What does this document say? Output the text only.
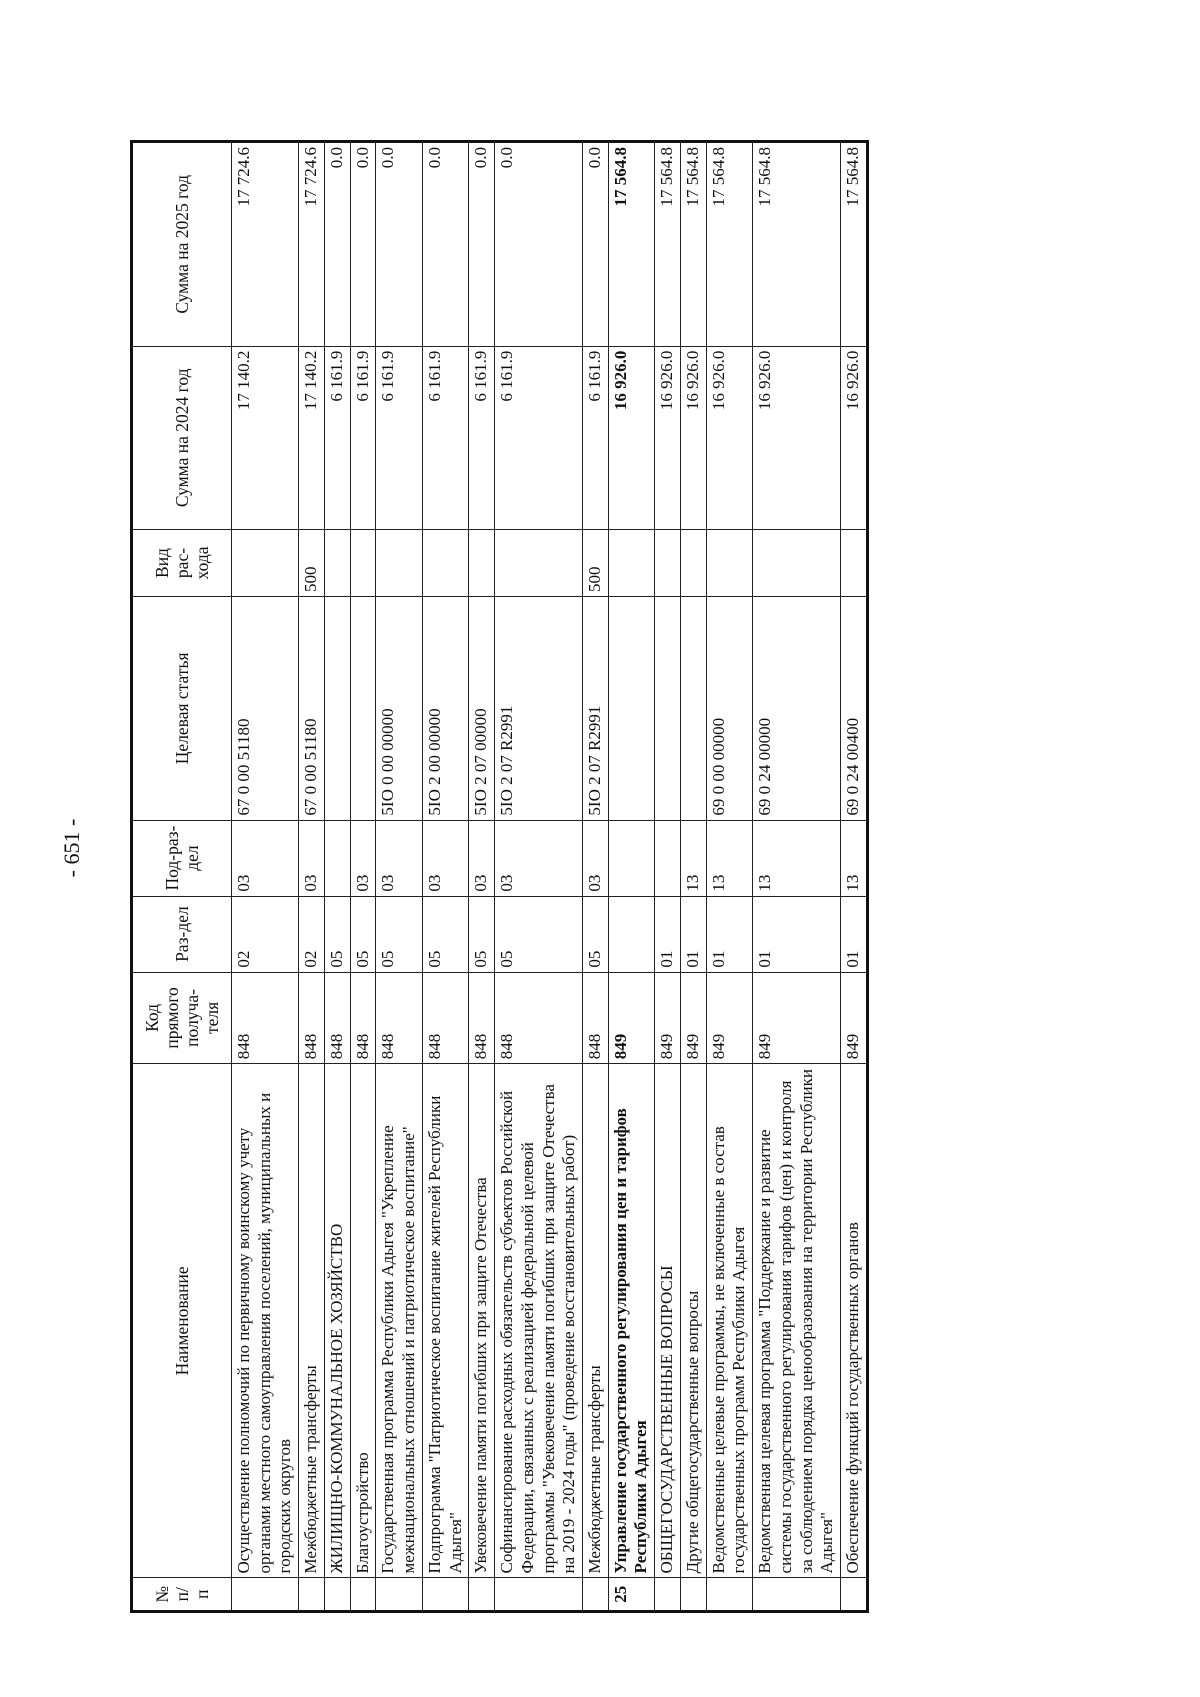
- 651 -
№ п/п	Наименование	Код прямого получа-теля	Раз-дел	Под-раз-дел	Целевая статья	Вид рас-хода	Сумма на 2024 год	Сумма на 2025 год
	Осуществление полномочий по первичному воинскому учету органами местного самоуправления поселений, муниципальных и городских округов	848	02	03	67 0 00 51180		17 140.2	17 724.6
	Межбюджетные трансферты	848	02	03	67 0 00 51180	500	17 140.2	17 724.6
	ЖИЛИЩНО-КОММУНАЛЬНОЕ ХОЗЯЙСТВО	848	05				6 161.9	0.0
	Благоустройство	848	05	03			6 161.9	0.0
	Государственная программа Республики Адыгея "Укрепление межнациональных отношений и патриотическое воспитание"	848	05	03	5IO 0 00 00000		6 161.9	0.0
	Подпрограмма "Патриотическое воспитание жителей Республики Адыгея"	848	05	03	5IO 2 00 00000		6 161.9	0.0
	Увековечение памяти погибших при защите Отечества	848	05	03	5IO 2 07 00000		6 161.9	0.0
	Софинансирование расходных обязательств субъектов Российской Федерации, связанных с реализацией федеральной целевой программы "Увековечение памяти погибших при защите Отечества на 2019 - 2024 годы" (проведение восстановительных работ)	848	05	03	5IO 2 07 R2991		6 161.9	0.0
	Межбюджетные трансферты	848	05	03	5IO 2 07 R2991	500	6 161.9	0.0
25	Управление государственного регулирования цен и тарифов Республики Адыгея	849					16 926.0	17 564.8
	ОБЩЕГОСУДАРСТВЕННЫЕ ВОПРОСЫ	849	01				16 926.0	17 564.8
	Другие общегосударственные вопросы	849	01	13			16 926.0	17 564.8
	Ведомственные целевые программы, не включенные в состав государственных программ Республики Адыгея	849	01	13	69 0 00 00000		16 926.0	17 564.8
	Ведомственная целевая программа "Поддержание и развитие системы государственного регулирования тарифов (цен) и контроля за соблюдением порядка ценообразования на территории Республики Адыгея"	849	01	13	69 0 24 00000		16 926.0	17 564.8
	Обеспечение функций государственных органов	849	01	13	69 0 24 00400		16 926.0	17 564.8
